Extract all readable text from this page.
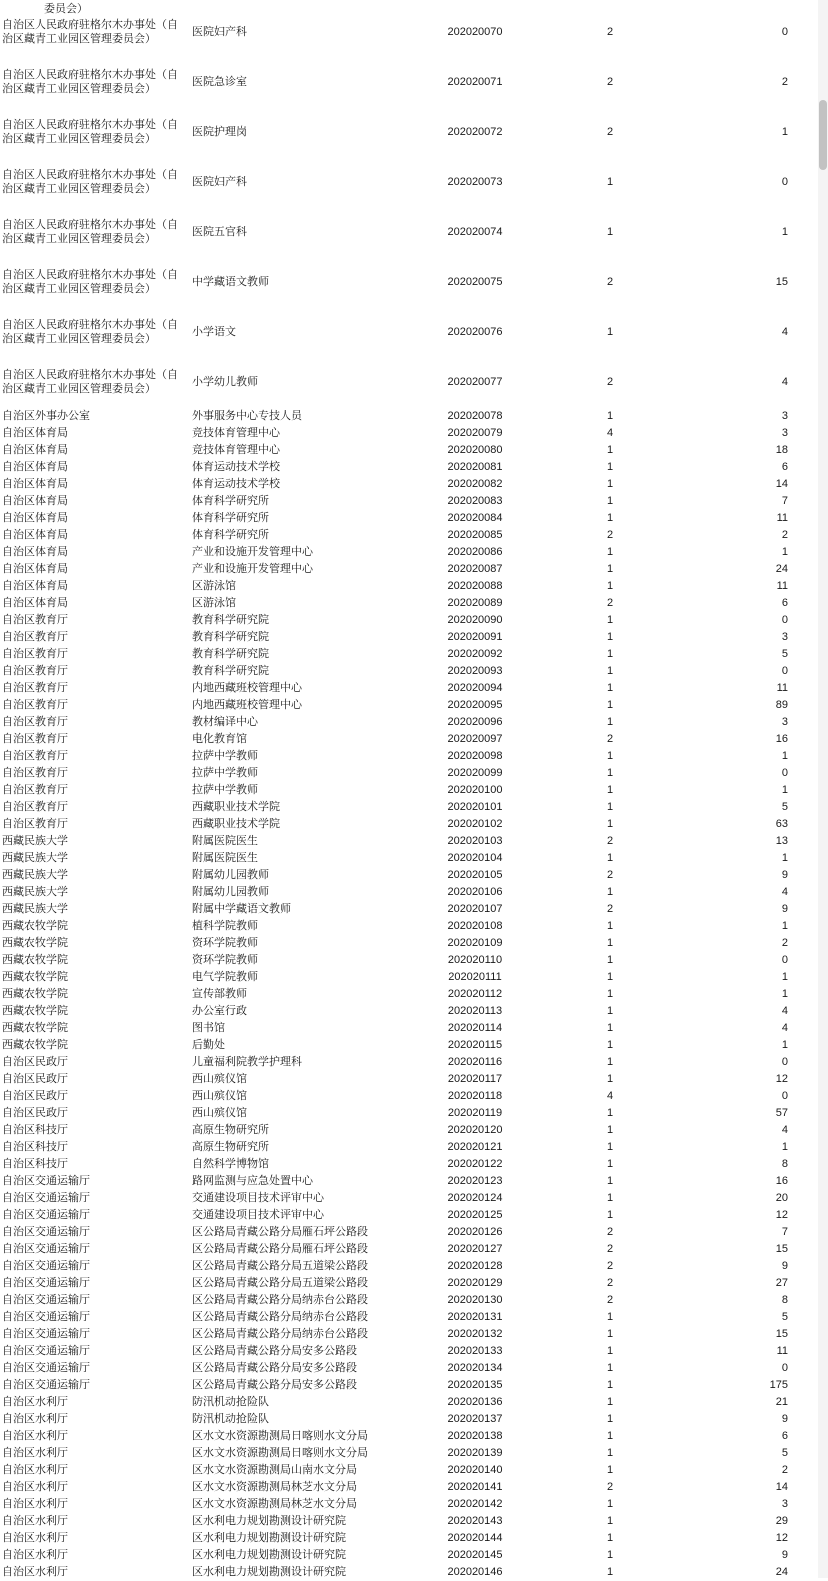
委员会）
自治区人民政府驻格尔木办事处（自治区藏青工业园区管理委员会）	医院妇产科	202020070	2	0
自治区人民政府驻格尔木办事处（自治区藏青工业园区管理委员会）	医院急诊室	202020071	2	2
自治区人民政府驻格尔木办事处（自治区藏青工业园区管理委员会）	医院护理岗	202020072	2	1
自治区人民政府驻格尔木办事处（自治区藏青工业园区管理委员会）	医院妇产科	202020073	1	0
自治区人民政府驻格尔木办事处（自治区藏青工业园区管理委员会）	医院五官科	202020074	1	1
自治区人民政府驻格尔木办事处（自治区藏青工业园区管理委员会）	中学藏语文教师	202020075	2	15
自治区人民政府驻格尔木办事处（自治区藏青工业园区管理委员会）	小学语文	202020076	1	4
自治区人民政府驻格尔木办事处（自治区藏青工业园区管理委员会）	小学幼儿教师	202020077	2	4
自治区外事办公室	外事服务中心专技人员	202020078	1	3
自治区体育局	竞技体育管理中心	202020079	4	3
自治区体育局	竞技体育管理中心	202020080	1	18
自治区体育局	体育运动技术学校	202020081	1	6
自治区体育局	体育运动技术学校	202020082	1	14
自治区体育局	体育科学研究所	202020083	1	7
自治区体育局	体育科学研究所	202020084	1	11
自治区体育局	体育科学研究所	202020085	2	2
自治区体育局	产业和设施开发管理中心	202020086	1	1
自治区体育局	产业和设施开发管理中心	202020087	1	24
自治区体育局	区游泳馆	202020088	1	11
自治区体育局	区游泳馆	202020089	2	6
自治区教育厅	教育科学研究院	202020090	1	0
自治区教育厅	教育科学研究院	202020091	1	3
自治区教育厅	教育科学研究院	202020092	1	5
自治区教育厅	教育科学研究院	202020093	1	0
自治区教育厅	内地西藏班校管理中心	202020094	1	11
自治区教育厅	内地西藏班校管理中心	202020095	1	89
自治区教育厅	教材编译中心	202020096	1	3
自治区教育厅	电化教育馆	202020097	2	16
自治区教育厅	拉萨中学教师	202020098	1	1
自治区教育厅	拉萨中学教师	202020099	1	0
自治区教育厅	拉萨中学教师	202020100	1	1
自治区教育厅	西藏职业技术学院	202020101	1	5
自治区教育厅	西藏职业技术学院	202020102	1	63
西藏民族大学	附属医院医生	202020103	2	13
西藏民族大学	附属医院医生	202020104	1	1
西藏民族大学	附属幼儿园教师	202020105	2	9
西藏民族大学	附属幼儿园教师	202020106	1	4
西藏民族大学	附属中学藏语文教师	202020107	2	9
西藏农牧学院	植科学院教师	202020108	1	1
西藏农牧学院	资环学院教师	202020109	1	2
西藏农牧学院	资环学院教师	202020110	1	0
西藏农牧学院	电气学院教师	202020111	1	1
西藏农牧学院	宣传部教师	202020112	1	1
西藏农牧学院	办公室行政	202020113	1	4
西藏农牧学院	图书馆	202020114	1	4
西藏农牧学院	后勤处	202020115	1	1
自治区民政厅	儿童福利院教学护理科	202020116	1	0
自治区民政厅	西山殡仪馆	202020117	1	12
自治区民政厅	西山殡仪馆	202020118	4	0
自治区民政厅	西山殡仪馆	202020119	1	57
自治区科技厅	高原生物研究所	202020120	1	4
自治区科技厅	高原生物研究所	202020121	1	1
自治区科技厅	自然科学博物馆	202020122	1	8
自治区交通运输厅	路网监测与应急处置中心	202020123	1	16
自治区交通运输厅	交通建设项目技术评审中心	202020124	1	20
自治区交通运输厅	交通建设项目技术评审中心	202020125	1	12
自治区交通运输厅	区公路局青藏公路分局雁石坪公路段	202020126	2	7
自治区交通运输厅	区公路局青藏公路分局雁石坪公路段	202020127	2	15
自治区交通运输厅	区公路局青藏公路分局五道梁公路段	202020128	2	9
自治区交通运输厅	区公路局青藏公路分局五道梁公路段	202020129	2	27
自治区交通运输厅	区公路局青藏公路分局纳赤台公路段	202020130	2	8
自治区交通运输厅	区公路局青藏公路分局纳赤台公路段	202020131	1	5
自治区交通运输厅	区公路局青藏公路分局纳赤台公路段	202020132	1	15
自治区交通运输厅	区公路局青藏公路分局安多公路段	202020133	1	11
自治区交通运输厅	区公路局青藏公路分局安多公路段	202020134	1	0
自治区交通运输厅	区公路局青藏公路分局安多公路段	202020135	1	175
自治区水利厅	防汛机动抢险队	202020136	1	21
自治区水利厅	防汛机动抢险队	202020137	1	9
自治区水利厅	区水文水资源勘测局日喀则水文分局	202020138	1	6
自治区水利厅	区水文水资源勘测局日喀则水文分局	202020139	1	5
自治区水利厅	区水文水资源勘测局山南水文分局	202020140	1	2
自治区水利厅	区水文水资源勘测局林芝水文分局	202020141	2	14
自治区水利厅	区水文水资源勘测局林芝水文分局	202020142	1	3
自治区水利厅	区水利电力规划勘测设计研究院	202020143	1	29
自治区水利厅	区水利电力规划勘测设计研究院	202020144	1	12
自治区水利厅	区水利电力规划勘测设计研究院	202020145	1	9
自治区水利厅	区水利电力规划勘测设计研究院	202020146	1	24
